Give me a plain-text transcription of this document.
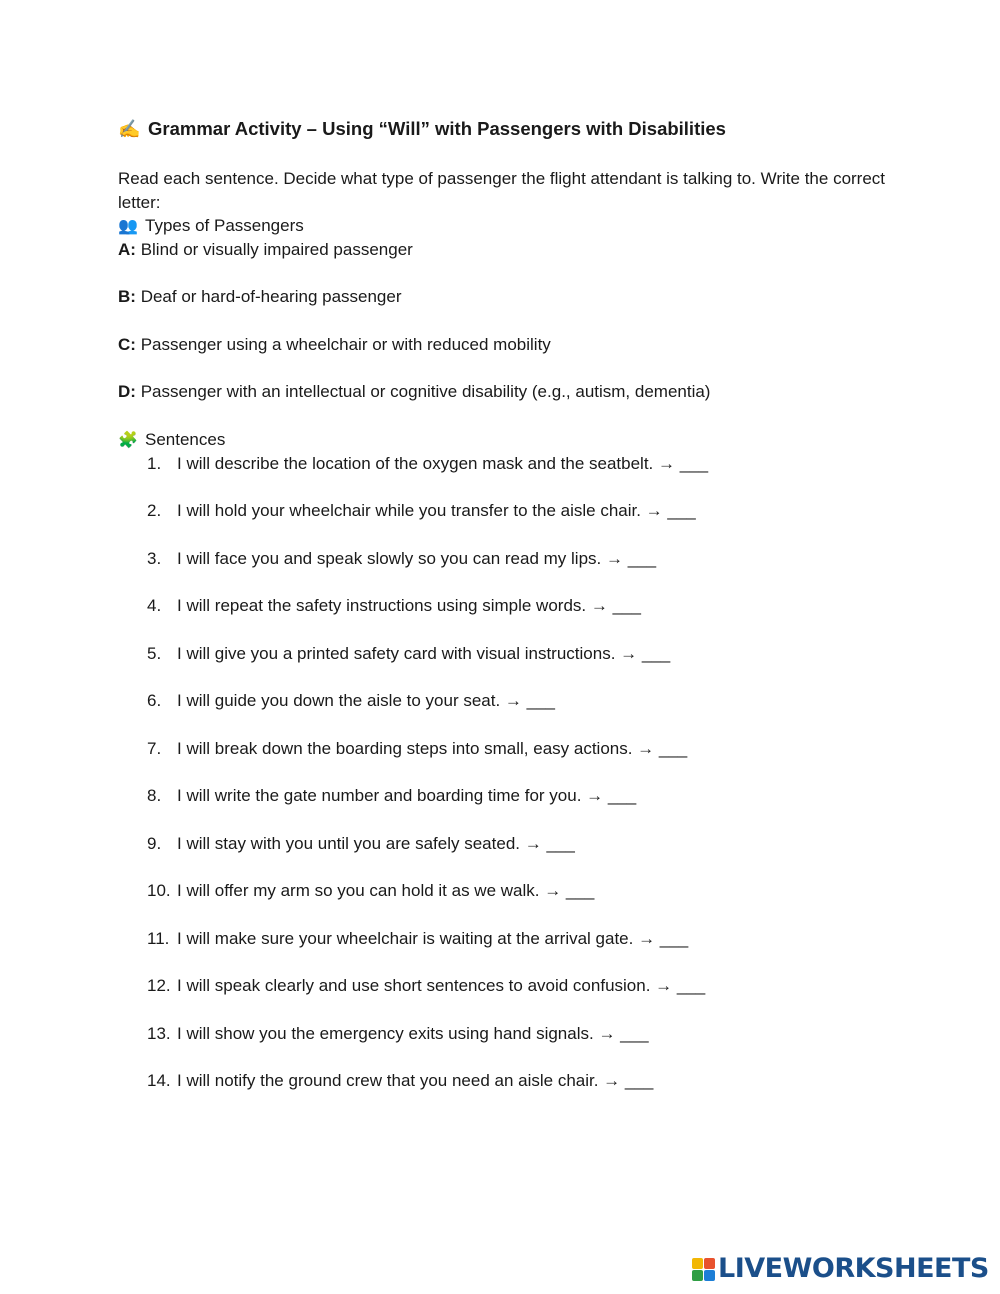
✍️ Grammar Activity – Using “Will” with Passengers with Disabilities
Read each sentence. Decide what type of passenger the flight attendant is talking to. Write the correct letter:
👥 Types of Passengers
A: Blind or visually impaired passenger
B: Deaf or hard-of-hearing passenger
C: Passenger using a wheelchair or with reduced mobility
D: Passenger with an intellectual or cognitive disability (e.g., autism, dementia)
🧩 Sentences
1. I will describe the location of the oxygen mask and the seatbelt. → ___
2. I will hold your wheelchair while you transfer to the aisle chair. → ___
3. I will face you and speak slowly so you can read my lips. → ___
4. I will repeat the safety instructions using simple words. → ___
5. I will give you a printed safety card with visual instructions. → ___
6. I will guide you down the aisle to your seat. → ___
7. I will break down the boarding steps into small, easy actions. → ___
8. I will write the gate number and boarding time for you. → ___
9. I will stay with you until you are safely seated. → ___
10. I will offer my arm so you can hold it as we walk. → ___
11. I will make sure your wheelchair is waiting at the arrival gate. → ___
12. I will speak clearly and use short sentences to avoid confusion. → ___
13. I will show you the emergency exits using hand signals. → ___
14. I will notify the ground crew that you need an aisle chair. → ___
LIVEWORKSHEETS
